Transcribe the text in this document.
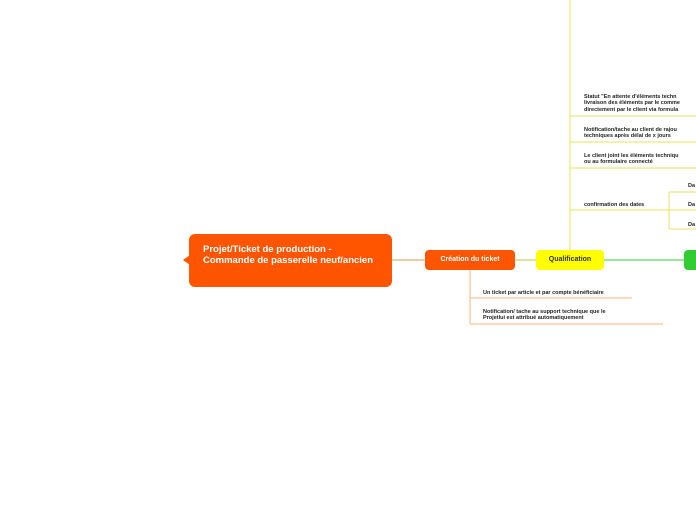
Projet/Ticket de production - Commande de passerelle neuf/ancien	Création du ticket	Qualification
Un ticket par article et par compte bénéficiaire
Notification/ tache au support technique que le
Projetlui est attribué automatiquement
Statut "En attente d'éléments techn
livraison des éléments par le comme
directement par le client via formula
Notification/tache au client de rajou
techniques après délai de x jours
Le client joint les éléments techniqu
ou au formulaire connecté
confirmation des dates
Da
Da
Da
